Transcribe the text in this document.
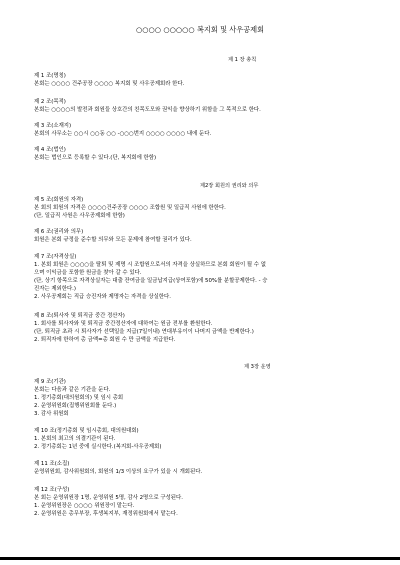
○○○○ ○○○○○ 복지회 및 사우공제회
제 1 장 총칙
제2장 회원의 권리와 의무
제 3장 운영
제 1 조(명칭)
본회는 ○○○○ 건주공장 ○○○○ 복지회 및 사우공제회라 한다.
제 2 조(목적)
본회는 ○○○○의 발전과 회원들 상호간의 친목도모와 권익을 향상하기 위함을 그 목적으로 한다.
제 3 조(소재지)
본회의 사무소는 ○○시 ○○동 ○○ -○○○번지 ○○○○ ○○○○ 내에 둔다.
제 4 조(법인)
본회는 법인으로 등록할 수 있다.(단, 복지회에 한함)
제 5 조(회원의 자격)
본 회의 회원의 자격은 ○○○○건주공장 ○○○○ 조합원 및 일급직 사원에 한한다.
(단, 일급직 사원은 사우공제회에 한함)
제 6 조(권리와 의무)
회원은 본회 규정을 준수할 의무와 모든 문제에 참여할 권리가 있다.
제 7 조(자격상실)
1. 본회 회원은 ○○○○을 탈퇴 및 제명 시 조합원으로서의 자격을 상실하므로 본회 회원이 될 수 없
으며 이익금을 포함한 원금을 찾아 갈 수 있다.
(단, 상기 항목으로 자격상실자는 대출 잔여금을 일금납지급(상여포함)에 50%를 분할공제한다. - 승
진자는 제외한다.)
2. 사우공제회는 직급 승진자와 제명자는 자격을 상실한다.
제 8 조(퇴사자 및 퇴직금 중간 정산자)
1. 회사를 퇴사자와 및 퇴직금 중간정산자에 대하여는 원금 전부를 환원한다.
(단, 퇴직금 초과 시 퇴사자가 선택일을 지급(7일이내) 연대부유이이 나머지 금액을 반제한다.)
2. 퇴직자에 한하여 총 금액=총 회원 수 만 금액을 지급한다.
제 9 조(기관)
본회는 다음과 같은 기관을 둔다.
1. 정기총회(대의원회의) 및 임시 총회
2. 운영위원회(집행위원회를 둔다.)
3. 감사 위원회
제 10 조(정기총회 및 임시총회, 대의원대회)
1. 본회의 최고의 의결기관이 된다.
2. 정기총회는 1년 중에 실시한다.(복지회-사우공제회)
제 11 조(소집)
운영위원회, 감사위원회의, 회원의 1/3 이상의 요구가 있을 시 개회된다.
제 12 조(구성)
본 회는 운영위원장 1명, 운영위원 5명, 감사 2명으로 구성된다.
1. 운영위원장은 ○○○○ 위원장이 맡는다.
2. 운영위원은 총무부장, 후생복지부, 재정위원회에서 맡는다.
